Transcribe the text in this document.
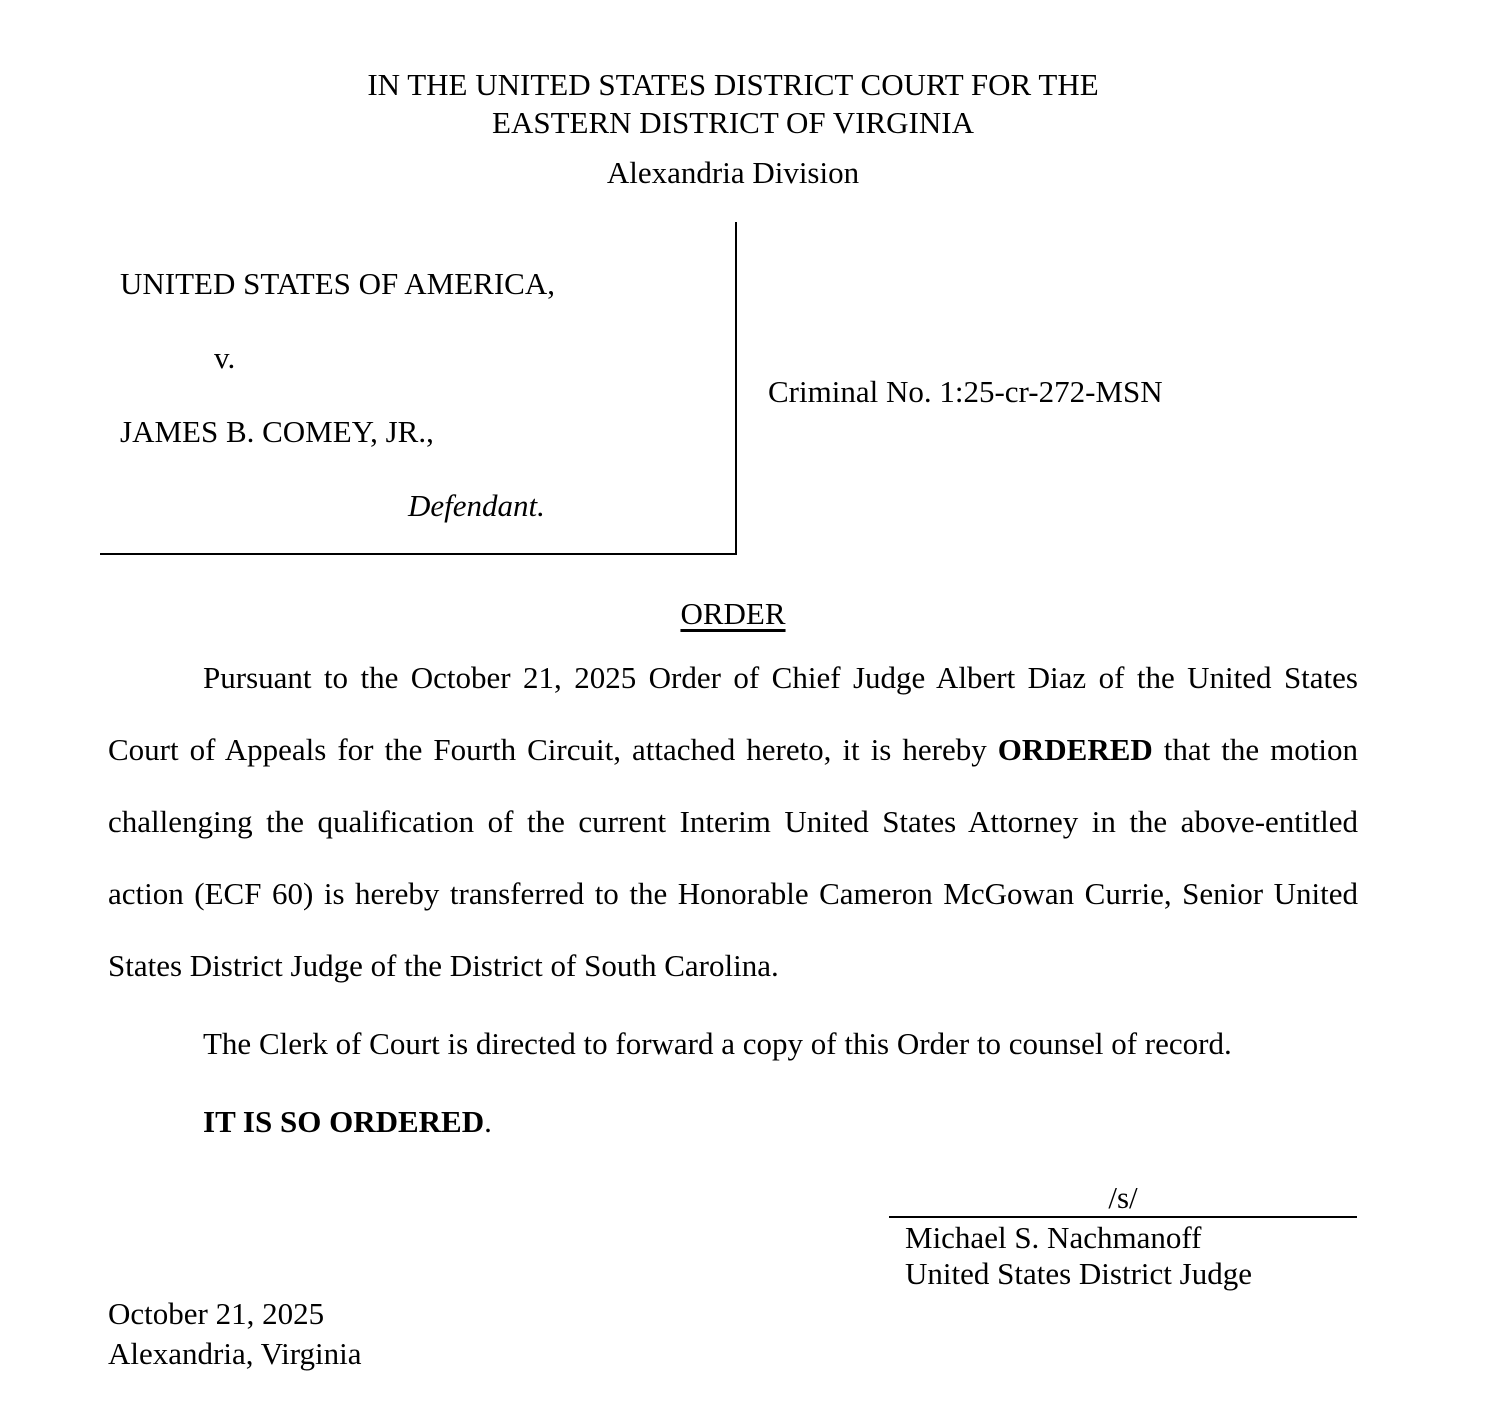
IN THE UNITED STATES DISTRICT COURT FOR THE
EASTERN DISTRICT OF VIRGINIA
Alexandria Division
UNITED STATES OF AMERICA,
v.
JAMES B. COMEY, JR.,
Defendant.
Criminal No. 1:25-cr-272-MSN
ORDER

Pursuant to the October 21, 2025 Order of Chief Judge Albert Diaz of the United States Court of Appeals for the Fourth Circuit, attached hereto, it is hereby ORDERED that the motion challenging the qualification of the current Interim United States Attorney in the above-entitled action (ECF 60) is hereby transferred to the Honorable Cameron McGowan Currie, Senior United States District Judge of the District of South Carolina.

The Clerk of Court is directed to forward a copy of this Order to counsel of record.

IT IS SO ORDERED.

/s/
Michael S. Nachmanoff
United States District Judge
October 21, 2025
Alexandria, Virginia
